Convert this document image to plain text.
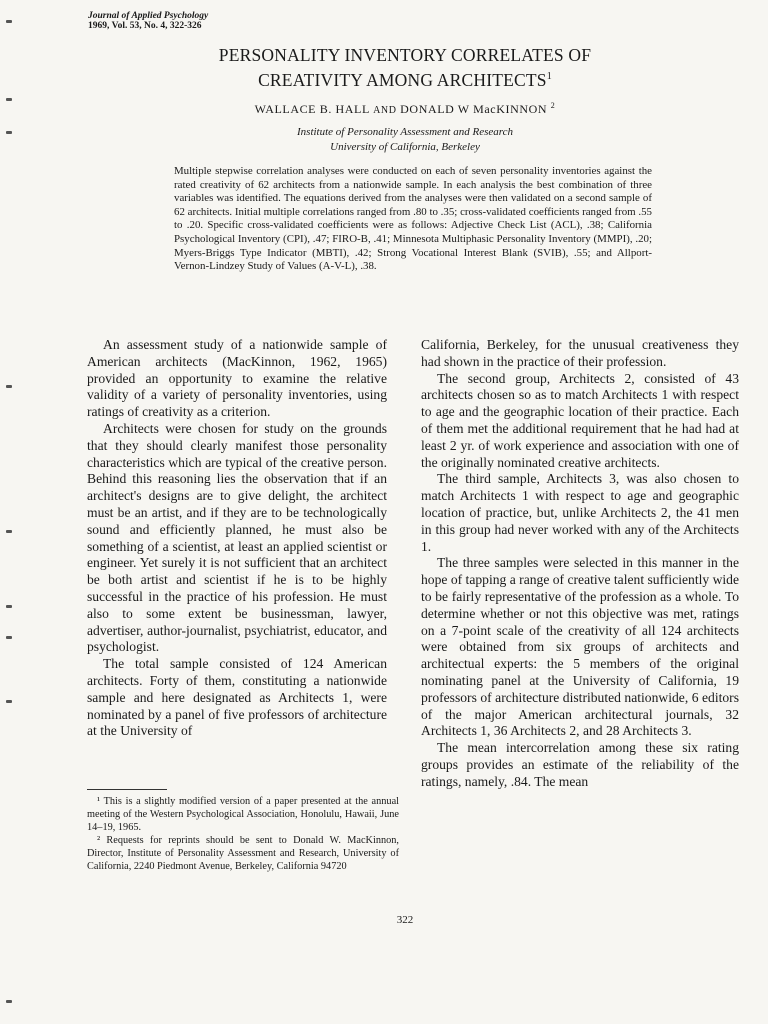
Journal of Applied Psychology
1969, Vol. 53, No. 4, 322-326
PERSONALITY INVENTORY CORRELATES OF
CREATIVITY AMONG ARCHITECTS$^1$
WALLACE B. HALL AND DONALD W MacKINNON $^2$
Institute of Personality Assessment and Research
University of California, Berkeley

Multiple stepwise correlation analyses were conducted on each of seven personality inventories against the rated creativity of 62 architects from a nationwide sample. In each analysis the best combination of three variables was identified. The equations derived from the analyses were then validated on a second sample of 62 architects. Initial multiple correlations ranged from .80 to .35; cross-validated coefficients ranged from .55 to .20. Specific cross-validated coefficients were as follows: Adjective Check List (ACL), .38; California Psychological Inventory (CPI), .47; FIRO-B, .41; Minnesota Multiphasic Personality Inventory (MMPI), .20; Myers-Briggs Type Indicator (MBTI), .42; Strong Vocational Interest Blank (SVIB), .55; and Allport-Vernon-Lindzey Study of Values (A-V-L), .38.

An assessment study of a nationwide sample of American architects (MacKinnon, 1962, 1965) provided an opportunity to examine the relative validity of a variety of personality inventories, using ratings of creativity as a criterion.

Architects were chosen for study on the grounds that they should clearly manifest those personality characteristics which are typical of the creative person. Behind this reasoning lies the observation that if an architect's designs are to give delight, the architect must be an artist, and if they are to be technologically sound and efficiently planned, he must also be something of a scientist, at least an applied scientist or engineer. Yet surely it is not sufficient that an architect be both artist and scientist if he is to be highly successful in the practice of his profession. He must also to some extent be businessman, lawyer, advertiser, author-journalist, psychiatrist, educator, and psychologist.

The total sample consisted of 124 American architects. Forty of them, constituting a nationwide sample and here designated as Architects 1, were nominated by a panel of five professors of architecture at the University of

California, Berkeley, for the unusual creativeness they had shown in the practice of their profession.

The second group, Architects 2, consisted of 43 architects chosen so as to match Architects 1 with respect to age and the geographic location of their practice. Each of them met the additional requirement that he had had at least 2 yr. of work experience and association with one of the originally nominated creative architects.

The third sample, Architects 3, was also chosen to match Architects 1 with respect to age and geographic location of practice, but, unlike Architects 2, the 41 men in this group had never worked with any of the Architects 1.

The three samples were selected in this manner in the hope of tapping a range of creative talent sufficiently wide to be fairly representative of the profession as a whole. To determine whether or not this objective was met, ratings on a 7-point scale of the creativity of all 124 architects were obtained from six groups of architects and architectual experts: the 5 members of the original nominating panel at the University of California, 19 professors of architecture distributed nationwide, 6 editors of the major American architectural journals, 32 Architects 1, 36 Architects 2, and 28 Architects 3.

The mean intercorrelation among these six rating groups provides an estimate of the reliability of the ratings, namely, .84. The mean

¹ This is a slightly modified version of a paper presented at the annual meeting of the Western Psychological Association, Honolulu, Hawaii, June 14–19, 1965.

² Requests for reprints should be sent to Donald W. MacKinnon, Director, Institute of Personality Assessment and Research, University of California, 2240 Piedmont Avenue, Berkeley, California 94720

322
